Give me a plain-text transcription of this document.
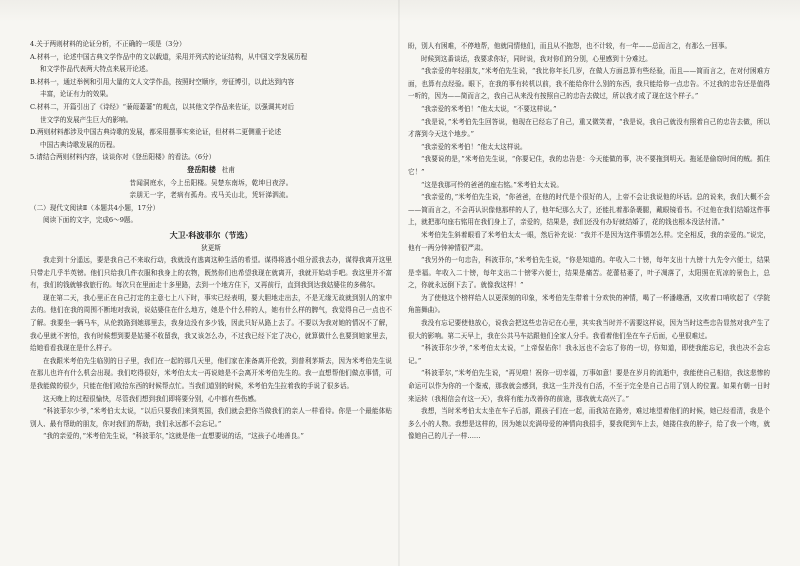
4.关于两则材料的论证分析，不正确的一项是（3分）

A.材料一，论述中国古典文学作品中的文以载道，采用并列式的论证结构，从中国文学发展历程
和文学作品代表两大特点来展开论述。

B.材料一，通过举例和引用大量的文人文学作品，按照时空顺序，旁征博引，以此达到内容
丰富，论证有力的效果。

C.材料二，开篇引出了《诗经》“蒹葭萋萋”的观点，以其他文学作品来佐证，以强调其对后
世文学的发展产生巨大的影响。

D.两则材料都涉及中国古典诗歌的发展，都采用摆事实来论证，但材料二更侧重于论述
中国古典诗歌发展的历程。

5.请结合两则材料内容，谈谈你对《登岳阳楼》的看法。（6分）

登岳阳楼 杜甫

昔闻洞庭水，今上岳阳楼。吴楚东南坼，乾坤日夜浮。

亲朋无一字，老病有孤舟。戎马关山北，凭轩涕泗流。

（二）现代文阅读Ⅱ（本题共4小题，17分）

阅读下面的文字，完成6～9题。

大卫·科波菲尔（节选）

狄更斯

我走到十分遥远，要是我自己不来取行动，我就没有逃离这种生活的希望。谋得将逃小组分派我去办，谋得我离开这里只带走几乎半英镑。他们只给我几件衣服和我身上的衣物，既然你们也希望我现在就离开，我就开始动手吧。我这里并不富有，我们的钱就够我旅行的。每次只在里面走十多里路，去到一个地方住下，又再前行，直到我到达我姑婆住的多佛尔。

现在第二天，我心里正在自己打定的主意七上八下时，事实已经表明，要大胆地走出去，不是无缘无故就到别人的家中去的。他们在我的周围不断地对我说，说姑婆住在什么地方，她是个什么样的人，她有什么样的脾气，我觉得自己一点也不了解。我要坐一辆马车，从伦敦路到她那里去，我身边没有多少钱，因此只好从路上去了。不要以为我对她的情况不了解，我心里就不害怕，我有时候想到要是姑婆不收留我，我又该怎么办，不过我已经下定了决心，就算做什么也要到她家里去，给她看看我现在是什么样子。

在我跟米考伯先生临别的日子里，我们在一起的那几天里，他们家在准备离开伦敦，到普利茅斯去，因为米考伯先生说在那儿也许有什么机会出现。我们吃得很好，米考伯太太一再说她是不会离开米考伯先生的。我一直想帮他们做点事情，可是我能做的很少，只能在他们收拾东西的时候帮点忙。当我们道别的时候，米考伯先生拉着我的手说了很多话。

这天晚上的过程很愉快，尽管我们想到我们即将要分别，心中都有些伤感。

“科波菲尔少爷，”米考伯太太说，“以后只要我们来到英国，我们就会把你当做我们的亲人一样看待。你是一个最能体贴别人、最有帮助的朋友，你对我们的帮助，我们永远都不会忘记。”

“我的亲爱的，”米考伯先生说，“科波菲尔，”这就是他一直想要说的话，“这孩子心地善良。”

盼，别人有困难，不停地帮，他就同情他们，而且从不抱怨，也不计较，有一年——总而言之，有那么一回事。

时候到这番谈话，我要求你好，同时说，我对你们的分别，心里感到十分难过。

“我亲爱的年轻朋友，”米考伯先生说，“我比你年长几岁，在做人方面总算有些经验，而且——简而言之，在对付困难方面，也算有点经验。眼下，在我的事有转机以前，我不能给你什么别的东西，我只能给你一点忠告。不过我的忠告还是值得一听的，因为——简而言之，我自己从来没有按照自己的忠告去做过，所以我才成了现在这个样子。”

“我亲爱的米考伯！”他太太说，“不要这样说。”

“我是说，”米考伯先生回答说，他现在已经忘了自己，重又微笑着，“我是说，我自己就没有照着自己的忠告去做，所以才落到今天这个地步。”

“我亲爱的米考伯！”他太太这样说。

“我要说的是，”米考伯先生说，“你要记住，我的忠告是：今天能做的事，决不要拖到明天。拖延是偷窃时间的贼。抓住它！”

“这是我那可怜的爸爸的座右铭。”米考伯太太说。

“我亲爱的，”米考伯先生说，“你爸爸，在他的时代是个很好的人，上帝不会让我说他的坏话。总的说来，我们大概不会——简而言之，不会再认识像他那样的人了，他年纪那么大了，还能扎着那条裹腿，戴眼镜看书。不过他在我们结婚这件事上，就把那句座右铭用在我们身上了，亲爱的，结果是，我们还没有办好就结婚了，花的钱也根本没法付清。”

米考伯先生斜着眼看了米考伯太太一眼，然后补充说：“我并不是因为这件事情怎么样。完全相反，我的亲爱的。”说完，他有一两分钟神情很严肃。

“我另外的一句忠告，科波菲尔，”米考伯先生说，“你是知道的。年收入二十镑，每年支出十九镑十九先令六便士，结果是幸福。年收入二十镑，每年支出二十镑零六便士，结果是痛苦。花蕾枯萎了，叶子凋落了，太阳照在荒凉的景色上，总之，你就永远倒下去了。就像我这样！”

为了使他这个榜样给人以更深刻的印象，米考伯先生带着十分欢快的神情，喝了一杯潘趣酒，又吹着口哨吹起了《学院角笛舞曲》。

我没有忘记要使他放心，说我会把这些忠告记在心里，其实我当时并不需要这样说，因为当时这些忠告显然对我产生了很大的影响。第二天早上，我在公共马车站跟他们全家人分手。我看着他们坐在车子后面，心里很难过。

“科波菲尔少爷，”米考伯太太说，“上帝保佑你！我永远也不会忘了你的一切，你知道，即使我能忘记，我也决不会忘记。”

“科波菲尔，”米考伯先生说，“再见啦！祝你一切幸福，万事如意！要是在岁月的流逝中，我能使自己相信，我这悲惨的命运可以作为你的一个鉴戒，那我就会感到，我这一生并没有白活，不至于完全是自己占用了别人的位置。如果有朝一日时来运转（我相信会有这一天），我将有能力改善你的前途，那我就太高兴了。”

我想，当时米考伯太太坐在车子后部，跟孩子们在一起，而我站在路旁，难过地望着他们的时候，她已经看清，我是个多么小的人物。我想是这样的，因为她以充满母爱的神情向我招手，要我爬到车上去，她搂住我的脖子，给了我一个吻，就像她自己的儿子一样……
